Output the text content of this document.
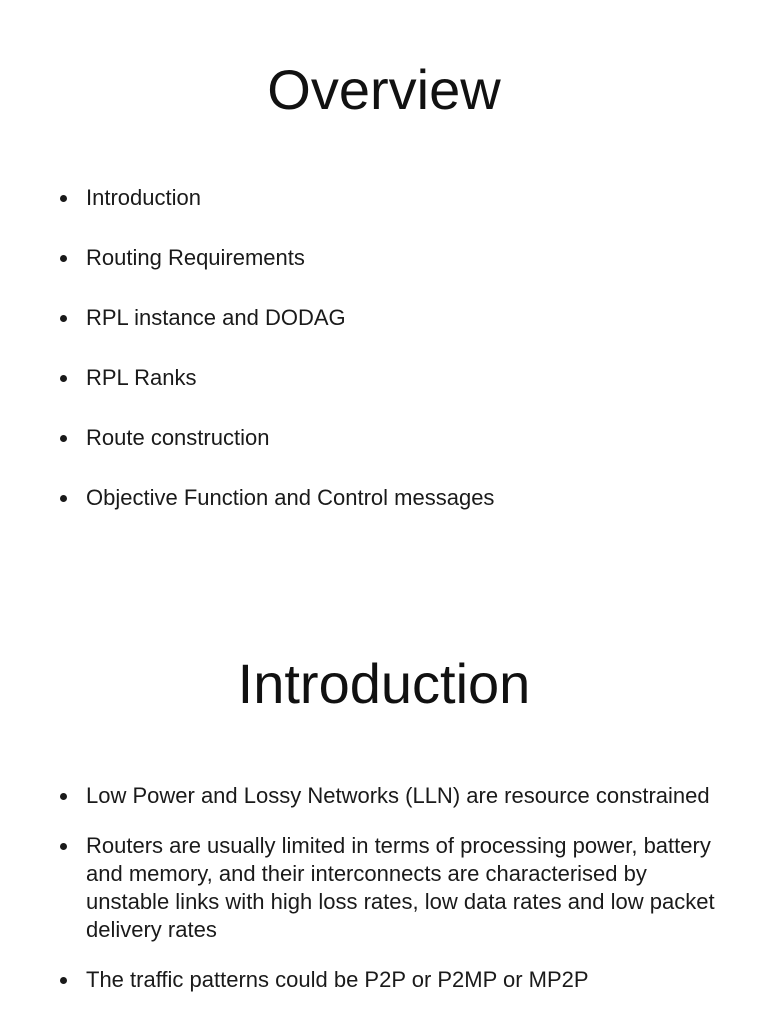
Overview
Introduction
Routing Requirements
RPL instance and DODAG
RPL Ranks
Route construction
Objective Function and Control messages
Introduction
Low Power and Lossy Networks (LLN) are resource constrained
Routers are usually limited in terms of processing power, battery and memory, and their interconnects are characterised by unstable links with high loss rates, low data rates and low packet delivery rates
The traffic patterns could be P2P or P2MP or MP2P
